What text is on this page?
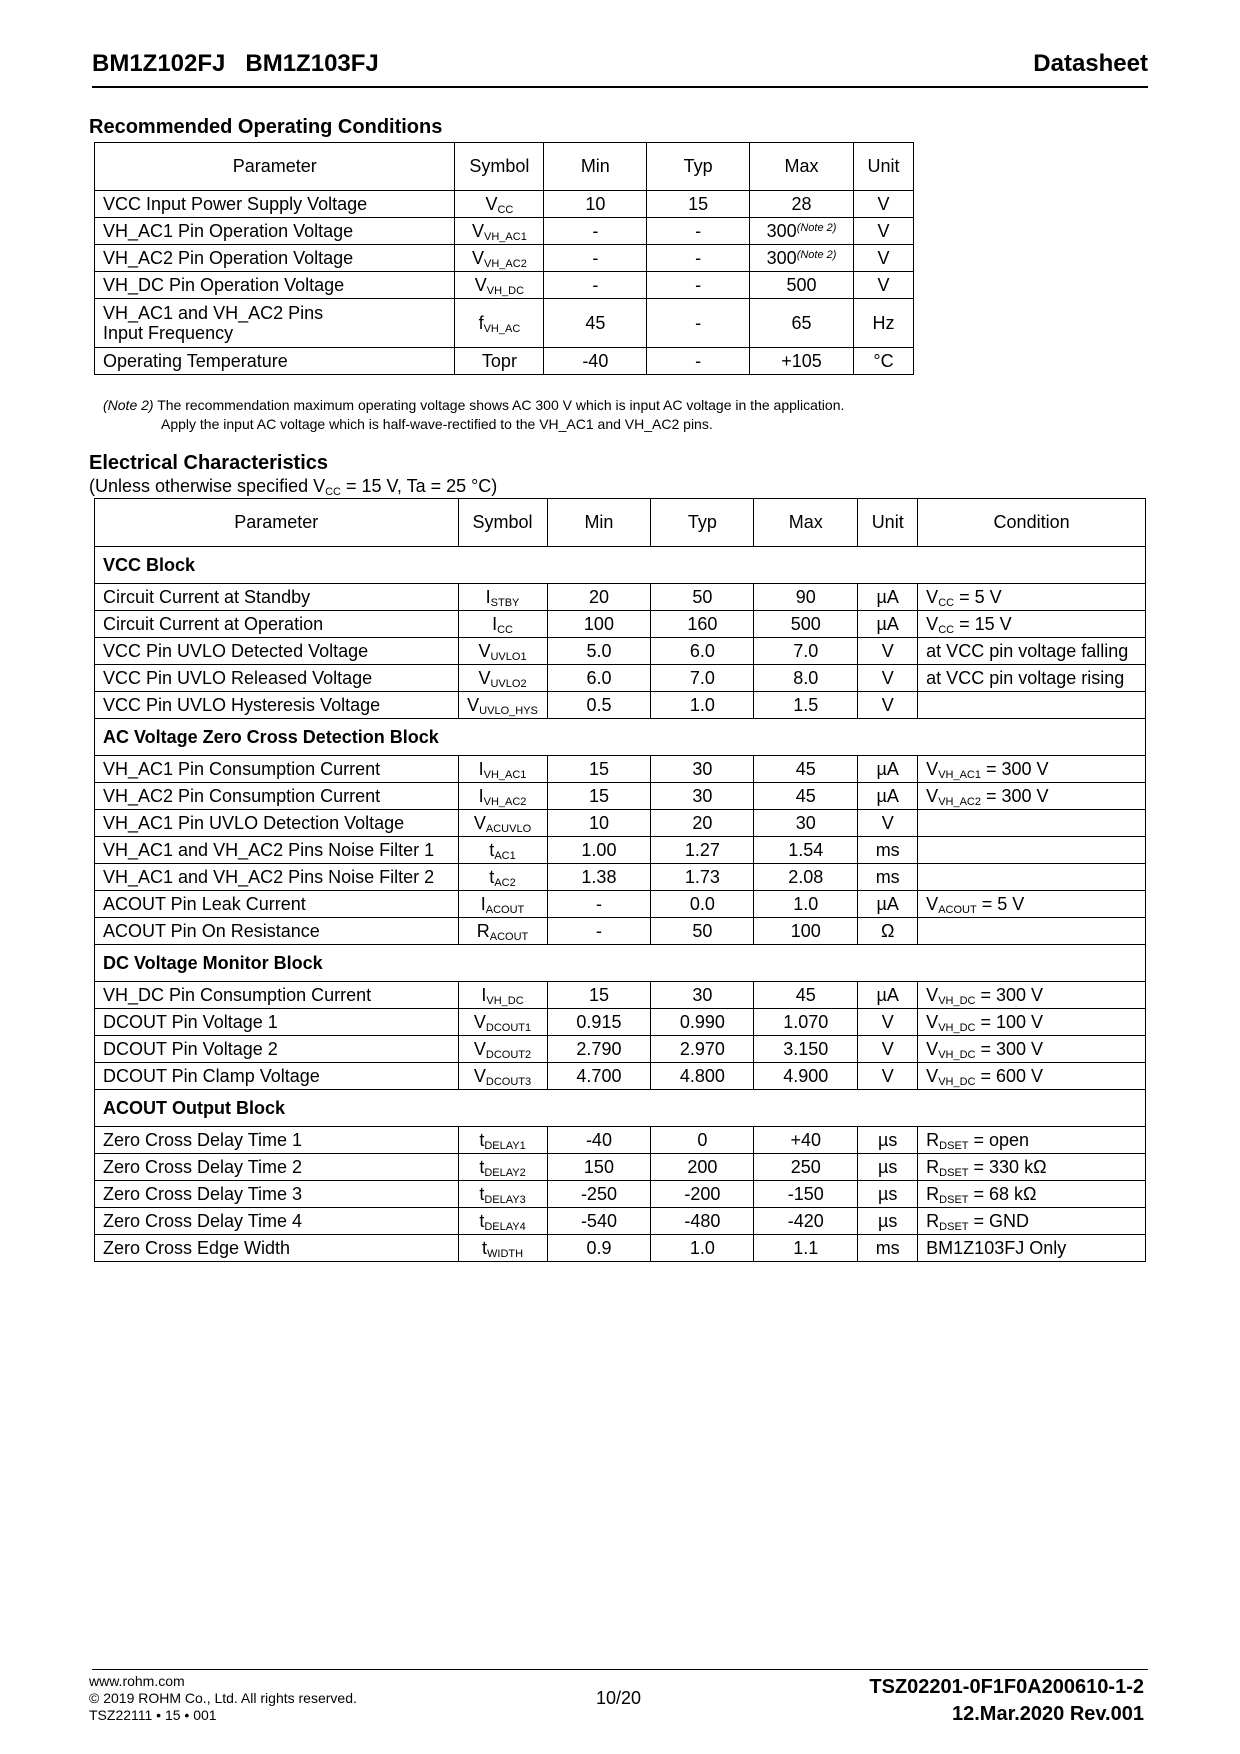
BM1Z102FJ   BM1Z103FJ	Datasheet
Recommended Operating Conditions
Parameter	Symbol	Min	Typ	Max	Unit
VCC Input Power Supply Voltage	$V_{CC}$	10	15	28	V
VH_AC1 Pin Operation Voltage	$V_{VH\_AC1}$	-	-	$300^{(Note 2)}$	V
VH_AC2 Pin Operation Voltage	$V_{VH\_AC2}$	-	-	$300^{(Note 2)}$	V
VH_DC Pin Operation Voltage	$V_{VH\_DC}$	-	-	500	V
VH_AC1 and VH_AC2 Pins
Input Frequency	$f_{VH\_AC}$	45	-	65	Hz
Operating Temperature	Topr	-40	-	+105	°C
(Note 2) The recommendation maximum operating voltage shows AC 300 V which is input AC voltage in the application.
Apply the input AC voltage which is half-wave-rectified to the VH_AC1 and VH_AC2 pins.
Electrical Characteristics
(Unless otherwise specified $V_{CC} = 15$ V, Ta = 25 °C)
Parameter	Symbol	Min	Typ	Max	Unit	Condition
VCC Block						
Circuit Current at Standby	$I_{STBY}$	20	50	90	µA	$V_{CC} = 5$ V
Circuit Current at Operation	$I_{CC}$	100	160	500	µA	$V_{CC} = 15$ V
VCC Pin UVLO Detected Voltage	$V_{UVLO1}$	5.0	6.0	7.0	V	at VCC pin voltage falling
VCC Pin UVLO Released Voltage	$V_{UVLO2}$	6.0	7.0	8.0	V	at VCC pin voltage rising
VCC Pin UVLO Hysteresis Voltage	$V_{UVLO\_HYS}$	0.5	1.0	1.5	V	
AC Voltage Zero Cross Detection Block						
VH_AC1 Pin Consumption Current	$I_{VH\_AC1}$	15	30	45	µA	$V_{VH\_AC1} = 300$ V
VH_AC2 Pin Consumption Current	$I_{VH\_AC2}$	15	30	45	µA	$V_{VH\_AC2} = 300$ V
VH_AC1 Pin UVLO Detection Voltage	$V_{ACUVLO}$	10	20	30	V	
VH_AC1 and VH_AC2 Pins Noise Filter 1	$t_{AC1}$	1.00	1.27	1.54	ms	
VH_AC1 and VH_AC2 Pins Noise Filter 2	$t_{AC2}$	1.38	1.73	2.08	ms	
ACOUT Pin Leak Current	$I_{ACOUT}$	-	0.0	1.0	µA	$V_{ACOUT} = 5$ V
ACOUT Pin On Resistance	$R_{ACOUT}$	-	50	100	Ω	
DC Voltage Monitor Block						
VH_DC Pin Consumption Current	$I_{VH\_DC}$	15	30	45	µA	$V_{VH\_DC} = 300$ V
DCOUT Pin Voltage 1	$V_{DCOUT1}$	0.915	0.990	1.070	V	$V_{VH\_DC} = 100$ V
DCOUT Pin Voltage 2	$V_{DCOUT2}$	2.790	2.970	3.150	V	$V_{VH\_DC} = 300$ V
DCOUT Pin Clamp Voltage	$V_{DCOUT3}$	4.700	4.800	4.900	V	$V_{VH\_DC} = 600$ V
ACOUT Output Block						
Zero Cross Delay Time 1	$t_{DELAY1}$	-40	0	+40	µs	$R_{DSET}$ = open
Zero Cross Delay Time 2	$t_{DELAY2}$	150	200	250	µs	$R_{DSET} = 330$ kΩ
Zero Cross Delay Time 3	$t_{DELAY3}$	-250	-200	-150	µs	$R_{DSET} = 68$ kΩ
Zero Cross Delay Time 4	$t_{DELAY4}$	-540	-480	-420	µs	$R_{DSET}$ = GND
Zero Cross Edge Width	$t_{WIDTH}$	0.9	1.0	1.1	ms	BM1Z103FJ Only
www.rohm.com
© 2019 ROHM Co., Ltd. All rights reserved.
TSZ22111 • 15 • 001
10/20	TSZ02201-0F1F0A200610-1-2
12.Mar.2020 Rev.001
